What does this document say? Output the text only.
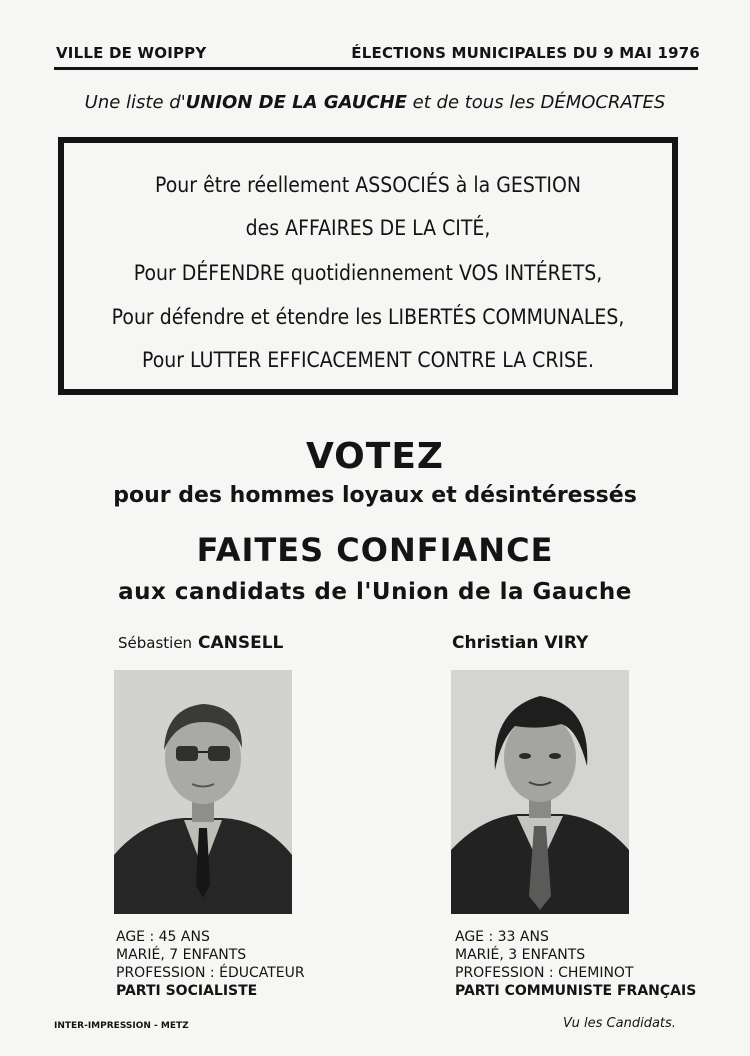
VILLE DE WOIPPY	ÉLECTIONS MUNICIPALES DU 9 MAI 1976
Une liste d'UNION DE LA GAUCHE et de tous les DÉMOCRATES
Pour être réellement ASSOCIÉS à la GESTION
des AFFAIRES DE LA CITÉ,
Pour DÉFENDRE quotidiennement VOS INTÉRETS,
Pour défendre et étendre les LIBERTÉS COMMUNALES,
Pour LUTTER EFFICACEMENT CONTRE LA CRISE.
VOTEZ
pour des hommes loyaux et désintéressés
FAITES CONFIANCE
aux candidats de l'Union de la Gauche
Sébastien CANSELL	Christian VIRY
AGE : 45 ANS
MARIÉ, 7 ENFANTS
PROFESSION : ÉDUCATEUR
PARTI SOCIALISTE
AGE : 33 ANS
MARIÉ, 3 ENFANTS
PROFESSION : CHEMINOT
PARTI COMMUNISTE FRANÇAIS
INTER-IMPRESSION - METZ	Vu les Candidats.
